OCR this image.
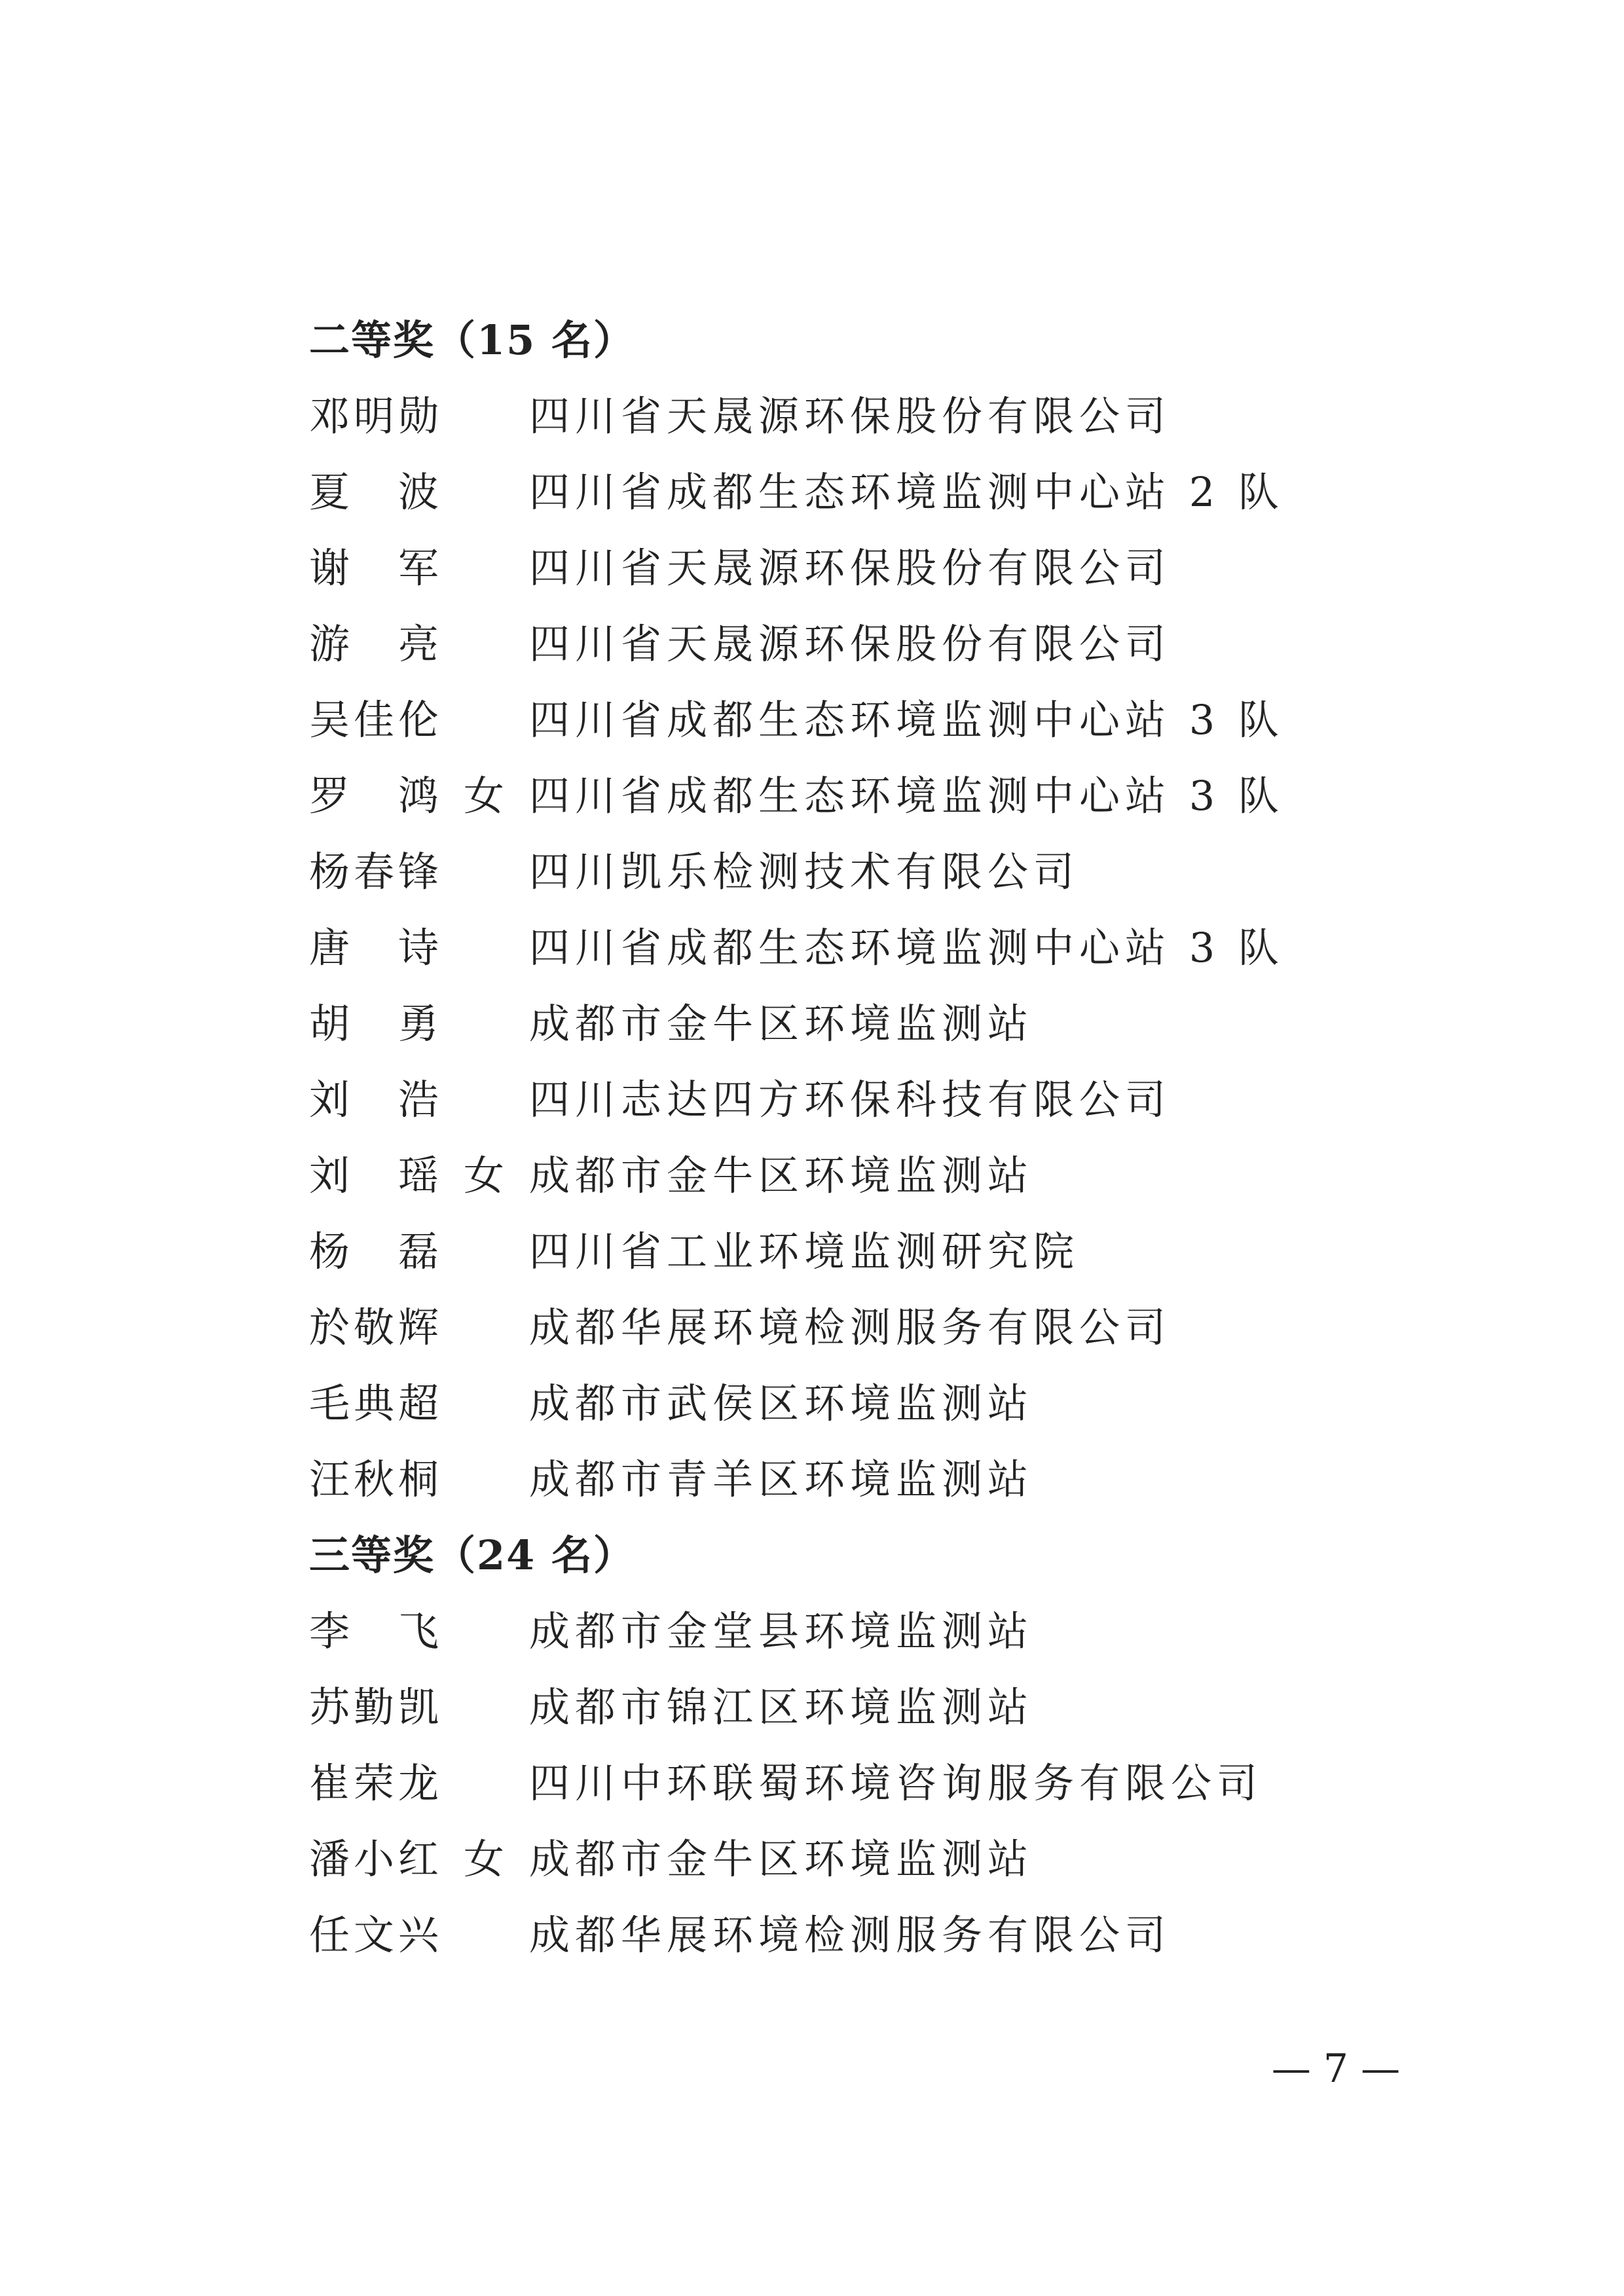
二等奖（15 名）
邓明勋 四川省天晟源环保股份有限公司
夏　波 四川省成都生态环境监测中心站 2 队
谢　军 四川省天晟源环保股份有限公司
游　亮 四川省天晟源环保股份有限公司
吴佳伦 四川省成都生态环境监测中心站 3 队
罗　鸿 女 四川省成都生态环境监测中心站 3 队
杨春锋 四川凯乐检测技术有限公司
唐　诗 四川省成都生态环境监测中心站 3 队
胡　勇 成都市金牛区环境监测站
刘　浩 四川志达四方环保科技有限公司
刘　瑶 女 成都市金牛区环境监测站
杨　磊 四川省工业环境监测研究院
於敬辉 成都华展环境检测服务有限公司
毛典超 成都市武侯区环境监测站
汪秋桐 成都市青羊区环境监测站
三等奖（24 名）
李　飞 成都市金堂县环境监测站
苏勤凯 成都市锦江区环境监测站
崔荣龙 四川中环联蜀环境咨询服务有限公司
潘小红 女 成都市金牛区环境监测站
任文兴 成都华展环境检测服务有限公司
— 7 —
